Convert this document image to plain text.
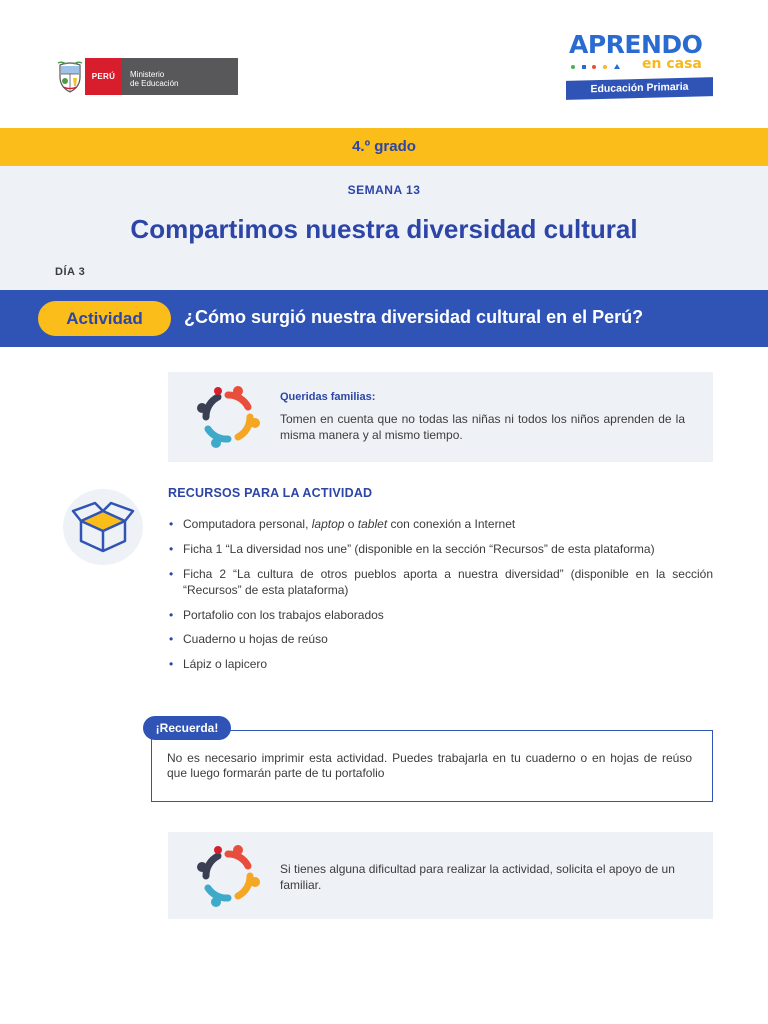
PERÚ	Ministerio
de Educación
APRENDO
en casa
Educación Primaria
4.º grado
SEMANA 13
Compartimos nuestra diversidad cultural
DÍA 3
Actividad	¿Cómo surgió nuestra diversidad cultural en el Perú?
Queridas familias:
Tomen en cuenta que no todas las niñas ni todos los niños aprenden de la misma manera y al mismo tiempo.
RECURSOS PARA LA ACTIVIDAD
• Computadora personal, laptop o tablet con conexión a Internet
• Ficha 1 “La diversidad nos une” (disponible en la sección “Recursos” de esta plataforma)
• Ficha 2 “La cultura de otros pueblos aporta a nuestra diversidad” (disponible en la sección “Recursos” de esta plataforma)
• Portafolio con los trabajos elaborados
• Cuaderno u hojas de reúso
• Lápiz o lapicero
¡Recuerda!
No es necesario imprimir esta actividad. Puedes trabajarla en tu cuaderno o en hojas de reúso que luego formarán parte de tu portafolio
Si tienes alguna dificultad para realizar la actividad, solicita el apoyo de un familiar.
